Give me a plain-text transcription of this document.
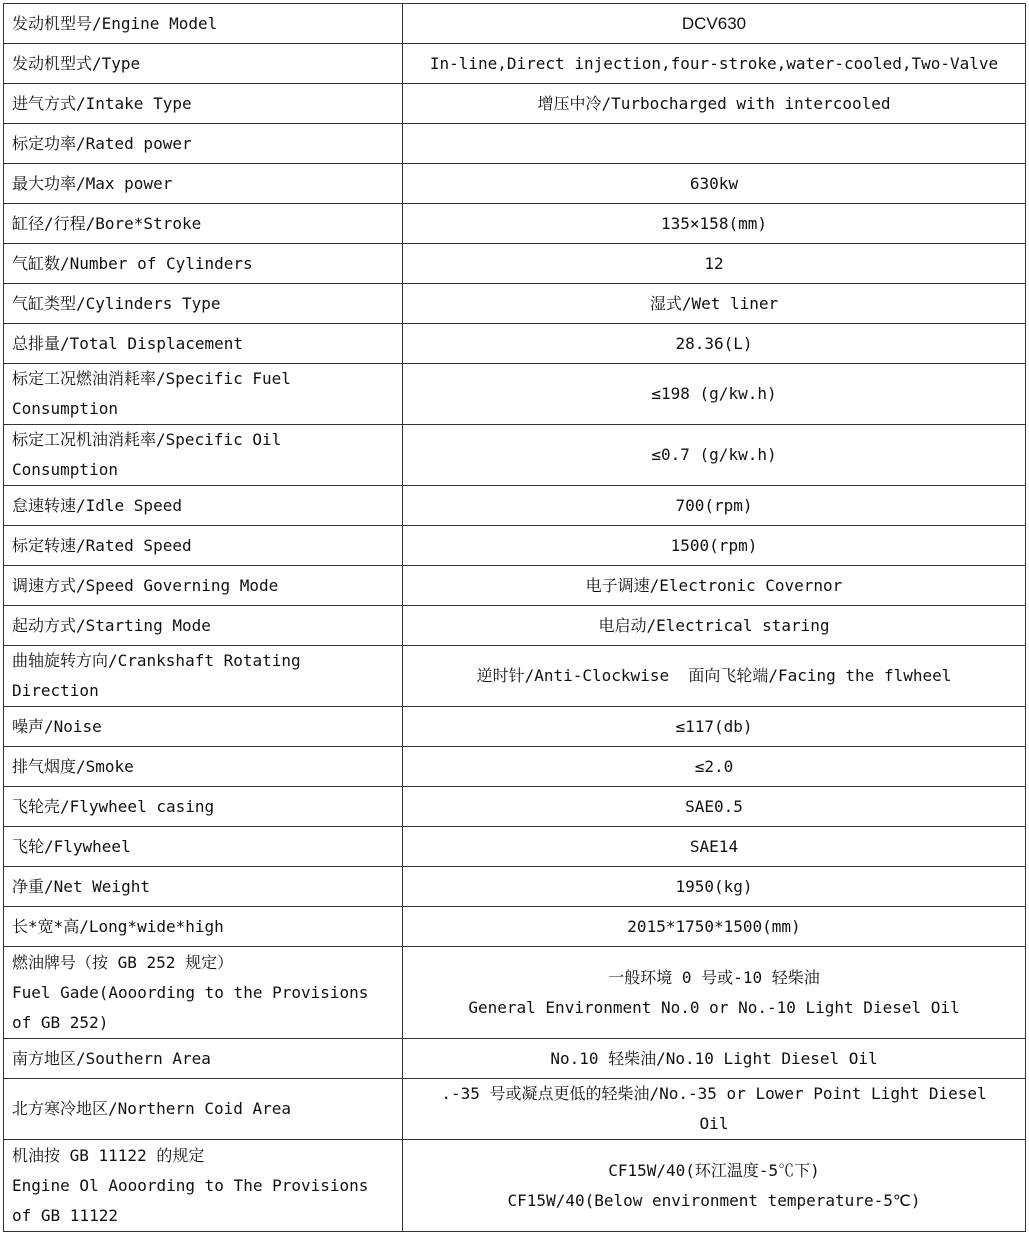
发动机型号/Engine Model	DCV630

发动机型式/Type	In-line,Direct injection,four-stroke,water-cooled,Two-Valve

进气方式/Intake Type	增压中冷/Turbocharged with intercooled

标定功率/Rated power	

最大功率/Max power	630kw

缸径/行程/Bore*Stroke	135×158(mm)

气缸数/Number of Cylinders	12

气缸类型/Cylinders Type	湿式/Wet liner

总排量/Total Displacement	28.36(L)

标定工况燃油消耗率/Specific Fuel
Consumption	≤198 (g/kw.h)

标定工况机油消耗率/Specific Oil
Consumption	≤0.7 (g/kw.h)

怠速转速/Idle Speed	700(rpm)

标定转速/Rated Speed	1500(rpm)

调速方式/Speed Governing Mode	电子调速/Electronic Covernor

起动方式/Starting Mode	电启动/Electrical staring

曲轴旋转方向/Crankshaft Rotating
Direction	逆时针/Anti-Clockwise  面向飞轮端/Facing the flwheel

噪声/Noise	≤117(db)

排气烟度/Smoke	≤2.0

飞轮壳/Flywheel casing	SAE0.5

飞轮/Flywheel	SAE14

净重/Net Weight	1950(kg)

长*宽*高/Long*wide*high	2015*1750*1500(mm)

燃油牌号（按 GB 252 规定）
Fuel Gade(Aooording to the Provisions
of GB 252)	一般环境 0 号或-10 轻柴油
General Environment No.0 or No.-10 Light Diesel Oil

南方地区/Southern Area	No.10 轻柴油/No.10 Light Diesel Oil

北方寒冷地区/Northern Coid Area	.-35 号或凝点更低的轻柴油/No.-35 or Lower Point Light Diesel
Oil

机油按 GB 11122 的规定
Engine Ol Aooording to The Provisions
of GB 11122	CF15W/40(环江温度-5℃下)
CF15W/40(Below environment temperature-5℃)
